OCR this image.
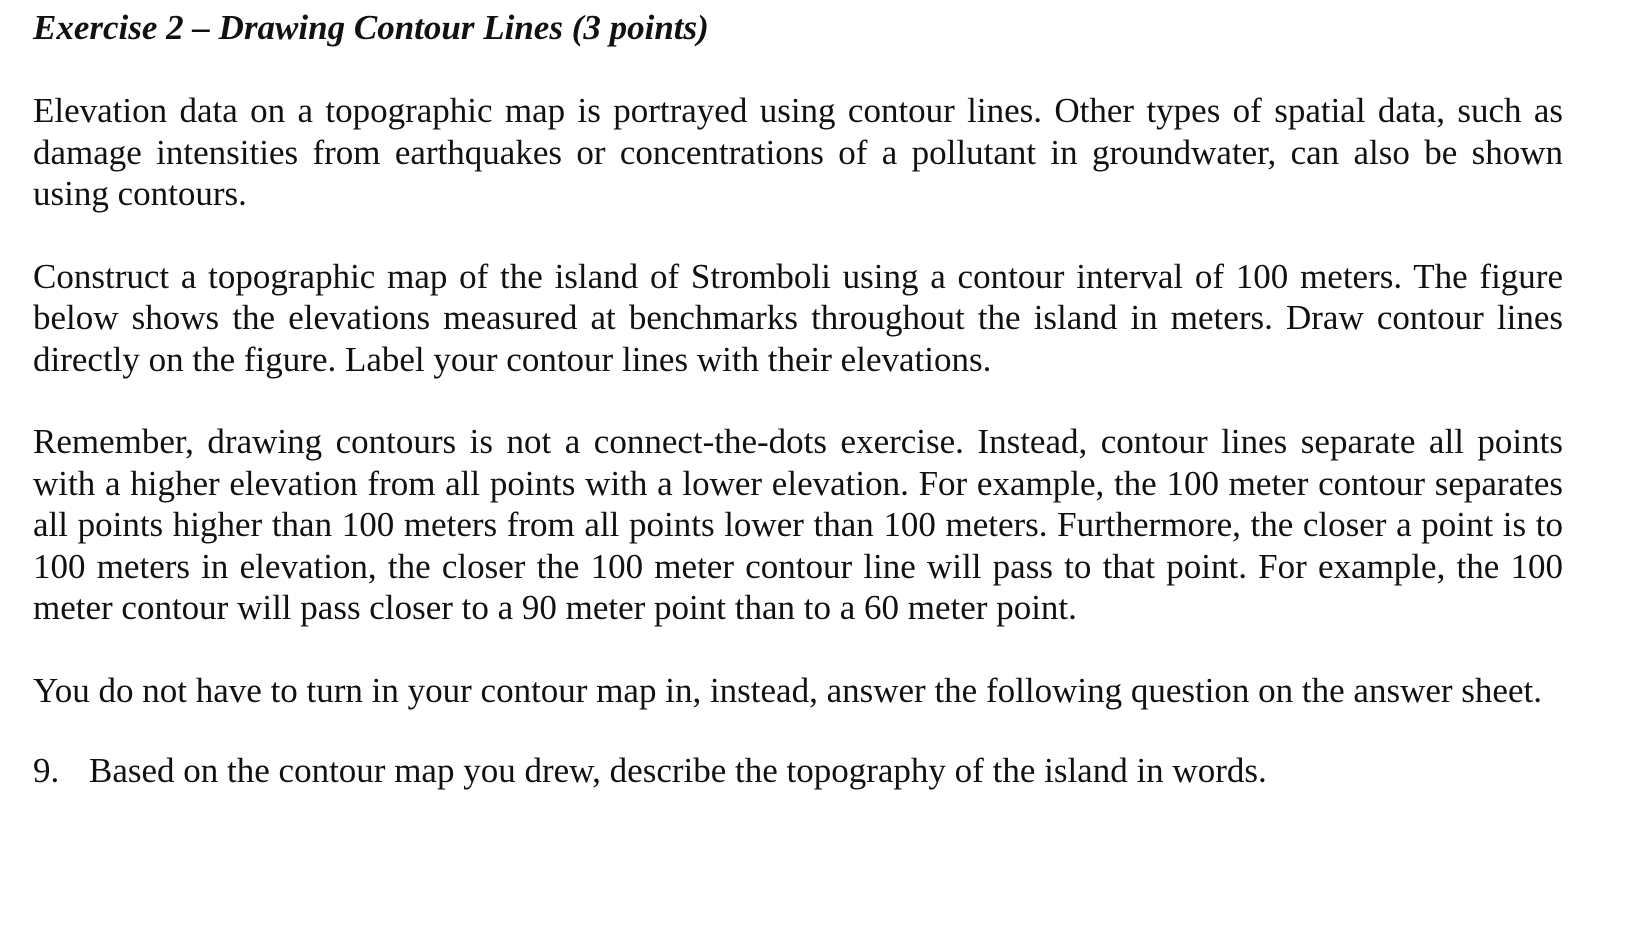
Exercise 2 – Drawing Contour Lines (3 points)

Elevation data on a topographic map is portrayed using contour lines. Other types of spatial data, such as damage intensities from earthquakes or concentrations of a pollutant in groundwater, can also be shown using contours.

Construct a topographic map of the island of Stromboli using a contour interval of 100 meters. The figure below shows the elevations measured at benchmarks throughout the island in meters. Draw contour lines directly on the figure. Label your contour lines with their elevations.

Remember, drawing contours is not a connect-the-dots exercise. Instead, contour lines separate all points with a higher elevation from all points with a lower elevation. For example, the 100 meter contour separates all points higher than 100 meters from all points lower than 100 meters. Furthermore, the closer a point is to 100 meters in elevation, the closer the 100 meter contour line will pass to that point. For example, the 100 meter contour will pass closer to a 90 meter point than to a 60 meter point.

You do not have to turn in your contour map in, instead, answer the following question on the answer sheet.

9. Based on the contour map you drew, describe the topography of the island in words.
